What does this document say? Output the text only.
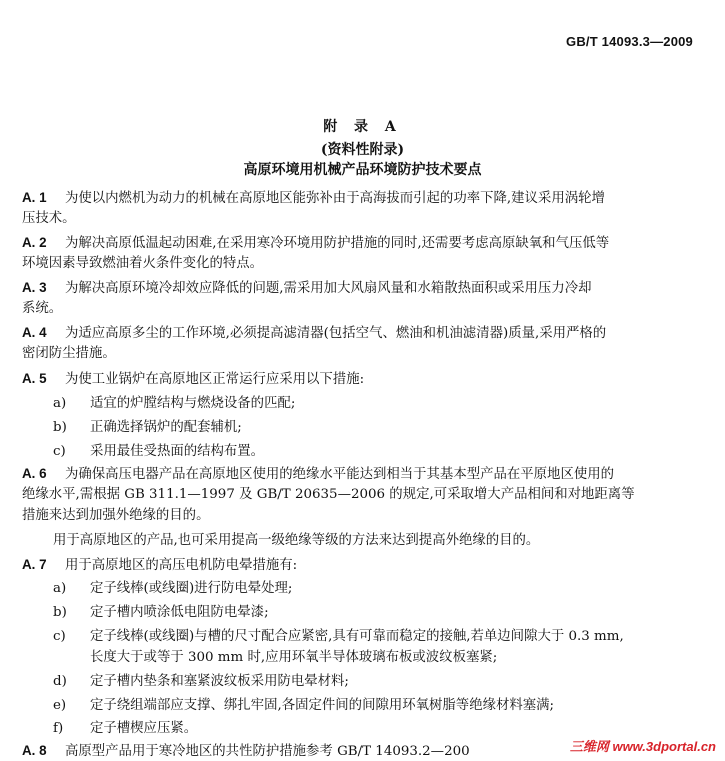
GB/T 14093.3—2009
附 录 A
(资料性附录)
高原环境用机械产品环境防护技术要点
A. 1 为使以内燃机为动力的机械在高原地区能弥补由于高海拔而引起的功率下降,建议采用涡轮增
压技术。
A. 2 为解决高原低温起动困难,在采用寒冷环境用防护措施的同时,还需要考虑高原缺氧和气压低等
环境因素导致燃油着火条件变化的特点。
A. 3 为解决高原环境冷却效应降低的问题,需采用加大风扇风量和水箱散热面积或采用压力冷却
系统。
A. 4 为适应高原多尘的工作环境,必须提高滤清器(包括空气、燃油和机油滤清器)质量,采用严格的
密闭防尘措施。
A. 5 为使工业锅炉在高原地区正常运行应采用以下措施:
a) 适宜的炉膛结构与燃烧设备的匹配;
b) 正确选择锅炉的配套辅机;
c) 采用最佳受热面的结构布置。
A. 6 为确保高压电器产品在高原地区使用的绝缘水平能达到相当于其基本型产品在平原地区使用的
绝缘水平,需根据 GB 311.1—1997 及 GB/T 20635—2006 的规定,可采取增大产品相间和对地距离等
措施来达到加强外绝缘的目的。
用于高原地区的产品,也可采用提高一级绝缘等级的方法来达到提高外绝缘的目的。
A. 7 用于高原地区的高压电机防电晕措施有:
a) 定子线棒(或线圈)进行防电晕处理;
b) 定子槽内喷涂低电阻防电晕漆;
c) 定子线棒(或线圈)与槽的尺寸配合应紧密,具有可靠而稳定的接触,若单边间隙大于 0.3 mm,
长度大于或等于 300 mm 时,应用环氧半导体玻璃布板或波纹板塞紧;
d) 定子槽内垫条和塞紧波纹板采用防电晕材料;
e) 定子绕组端部应支撑、绑扎牢固,各固定件间的间隙用环氧树脂等绝缘材料塞满;
f) 定子槽楔应压紧。
A. 8 高原型产品用于寒冷地区的共性防护措施参考 GB/T 14093.2—200	三维网 www.3dportal.cn
